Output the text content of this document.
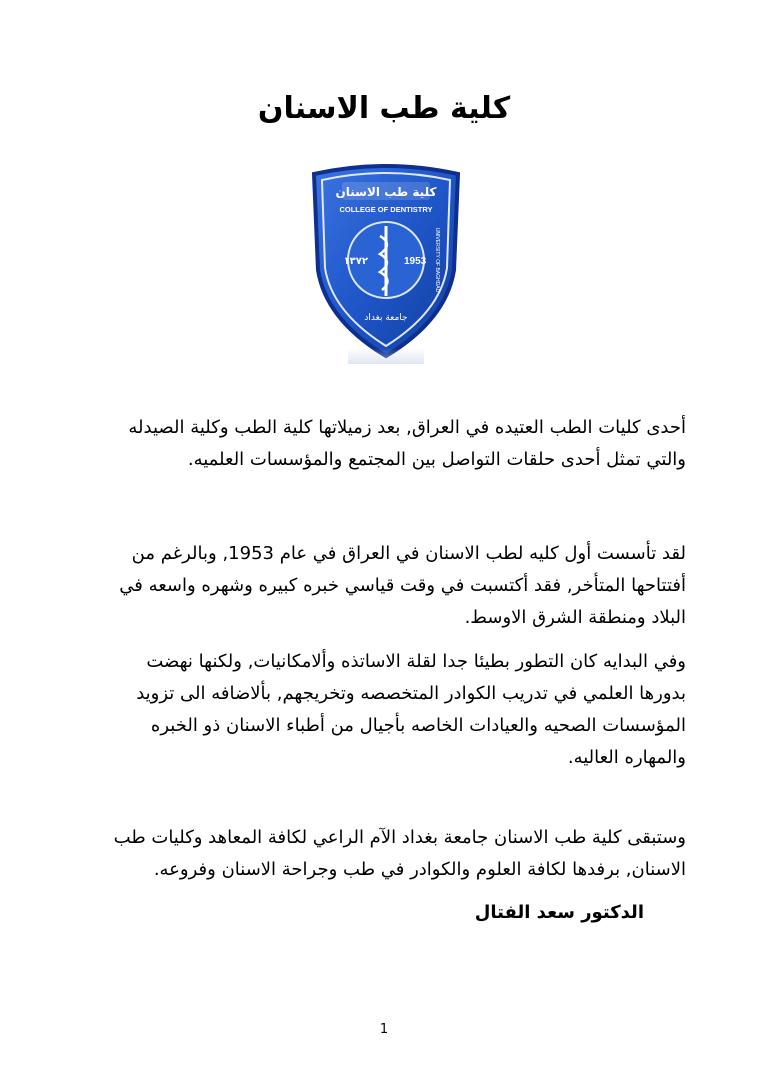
كلية طب الاسنان
كلية طب الاسنان
COLLEGE OF DENTISTRY
١٣٧٢	1953 UNIVERSITY OF BAGHDAD
جامعة بغداد
أحدى كليات الطب العتيده في العراق, بعد زميلاتها كلية الطب وكلية الصيدله
والتي تمثل أحدى حلقات التواصل بين المجتمع والمؤسسات العلميه.
لقد تأسست أول كليه لطب الاسنان في العراق في عام 1953, وبالرغم من
أفتتاحها المتأخر, فقد أكتسبت في وقت قياسي خبره كبيره وشهره واسعه في
البلاد ومنطقة الشرق الاوسط.
وفي البدايه كان التطور بطيئا جدا لقلة الاساتذه وألامكانيات, ولكنها نهضت
بدورها العلمي في تدريب الكوادر المتخصصه وتخريجهم, بألاضافه الى تزويد
المؤسسات الصحيه والعيادات الخاصه بأجيال من أطباء الاسنان ذو الخبره
والمهاره العاليه.
وستبقى كلية طب الاسنان جامعة بغداد الآم الراعي لكافة المعاهد وكليات طب
الاسنان, برفدها لكافة العلوم والكوادر في طب وجراحة الاسنان وفروعه.
الدكتور سعد الفتال
1
